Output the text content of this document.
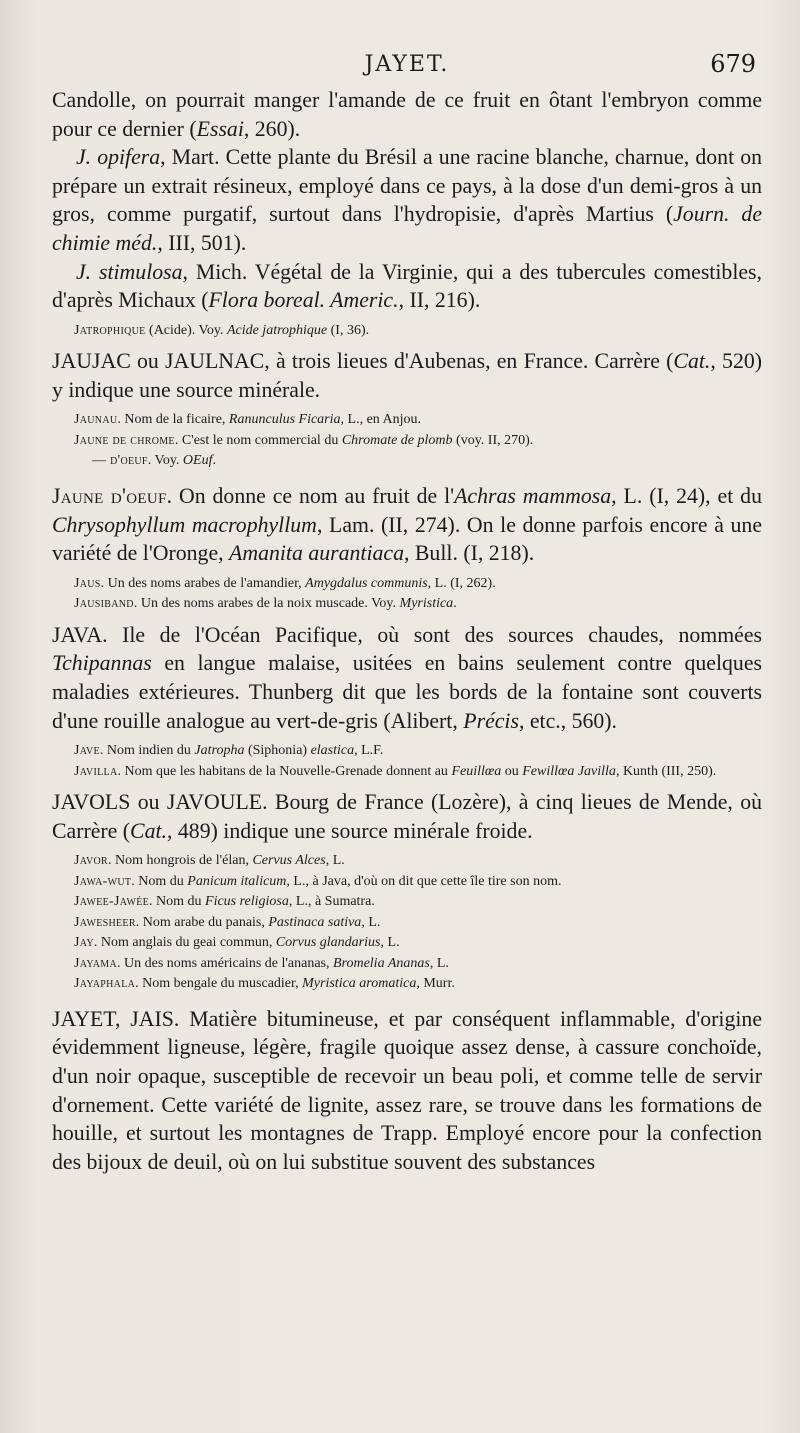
JAYET.	679

Candolle, on pourrait manger l'amande de ce fruit en ôtant l'embryon comme pour ce dernier (Essai, 260).

J. opifera, Mart. Cette plante du Brésil a une racine blanche, charnue, dont on prépare un extrait résineux, employé dans ce pays, à la dose d'un demi-gros à un gros, comme purgatif, surtout dans l'hydropisie, d'après Martius (Journ. de chimie méd., III, 501).

J. stimulosa, Mich. Végétal de la Virginie, qui a des tubercules comestibles, d'après Michaux (Flora boreal. Americ., II, 216).

Jatrophique (Acide). Voy. Acide jatrophique (I, 36).

JAUJAC ou JAULNAC, à trois lieues d'Aubenas, en France. Carrère (Cat., 520) y indique une source minérale.

Jaunau. Nom de la ficaire, Ranunculus Ficaria, L., en Anjou.

Jaune de chrome. C'est le nom commercial du Chromate de plomb (voy. II, 270).

— d'oeuf. Voy. OEuf.

Jaune d'oeuf. On donne ce nom au fruit de l'Achras mammosa, L. (I, 24), et du Chrysophyllum macrophyllum, Lam. (II, 274). On le donne parfois encore à une variété de l'Oronge, Amanita aurantiaca, Bull. (I, 218).

Jaus. Un des noms arabes de l'amandier, Amygdalus communis, L. (I, 262).

Jausiband. Un des noms arabes de la noix muscade. Voy. Myristica.

JAVA. Ile de l'Océan Pacifique, où sont des sources chaudes, nommées Tchipannas en langue malaise, usitées en bains seulement contre quelques maladies extérieures. Thunberg dit que les bords de la fontaine sont couverts d'une rouille analogue au vert-de-gris (Alibert, Précis, etc., 560).

Jave. Nom indien du Jatropha (Siphonia) elastica, L.F.

Javilla. Nom que les habitans de la Nouvelle-Grenade donnent au Feuillœa ou Fewillœa Javilla, Kunth (III, 250).

JAVOLS ou JAVOULE. Bourg de France (Lozère), à cinq lieues de Mende, où Carrère (Cat., 489) indique une source minérale froide.

Javor. Nom hongrois de l'élan, Cervus Alces, L.

Jawa-wut. Nom du Panicum italicum, L., à Java, d'où on dit que cette île tire son nom.

Jawee-Jawée. Nom du Ficus religiosa, L., à Sumatra.

Jawesheer. Nom arabe du panais, Pastinaca sativa, L.

Jay. Nom anglais du geai commun, Corvus glandarius, L.

Jayama. Un des noms américains de l'ananas, Bromelia Ananas, L.

Jayaphala. Nom bengale du muscadier, Myristica aromatica, Murr.

JAYET, JAIS. Matière bitumineuse, et par conséquent inflammable, d'origine évidemment ligneuse, légère, fragile quoique assez dense, à cassure conchoïde, d'un noir opaque, susceptible de recevoir un beau poli, et comme telle de servir d'ornement. Cette variété de lignite, assez rare, se trouve dans les formations de houille, et surtout les montagnes de Trapp. Employé encore pour la confection des bijoux de deuil, où on lui substitue souvent des substances
